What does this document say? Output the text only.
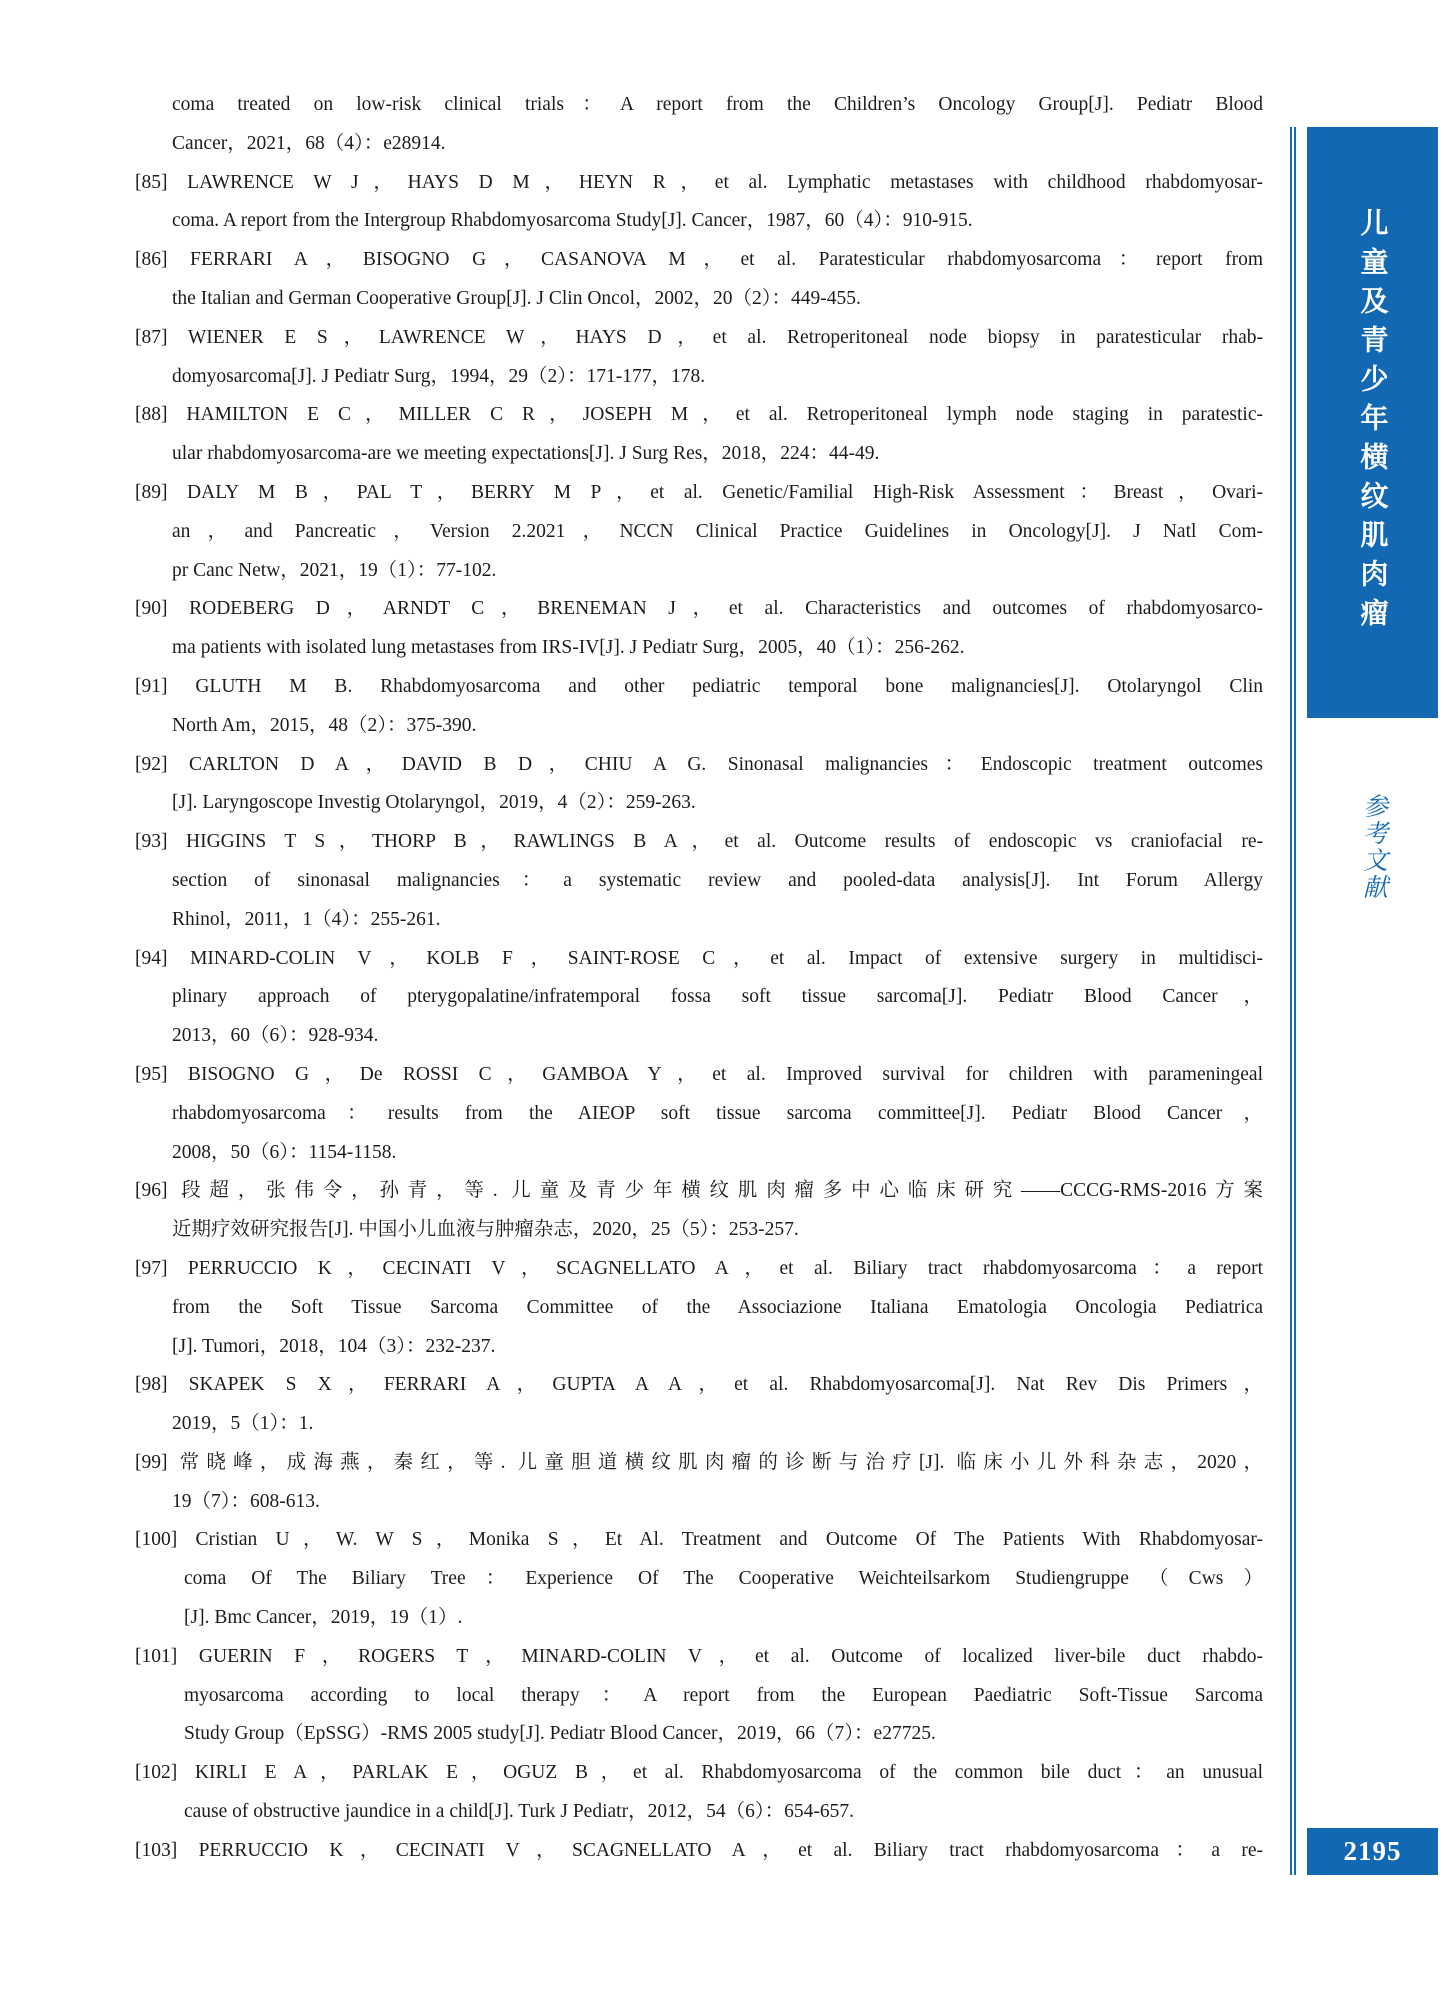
coma treated on low-risk clinical trials：A report from the Children’s Oncology Group[J]. Pediatr Blood
Cancer，2021，68（4）：e28914.
[85] LAWRENCE W J，HAYS D M，HEYN R，et al. Lymphatic metastases with childhood rhabdomyosar-
coma. A report from the Intergroup Rhabdomyosarcoma Study[J]. Cancer，1987，60（4）：910-915.
[86] FERRARI A，BISOGNO G，CASANOVA M，et al. Paratesticular rhabdomyosarcoma：report from
the Italian and German Cooperative Group[J]. J Clin Oncol，2002，20（2）：449-455.
[87] WIENER E S，LAWRENCE W，HAYS D，et al. Retroperitoneal node biopsy in paratesticular rhab-
domyosarcoma[J]. J Pediatr Surg，1994，29（2）：171-177，178.
[88] HAMILTON E C，MILLER C R，JOSEPH M，et al. Retroperitoneal lymph node staging in paratestic-
ular rhabdomyosarcoma-are we meeting expectations[J]. J Surg Res，2018，224：44-49.
[89] DALY M B，PAL T，BERRY M P，et al. Genetic/Familial High-Risk Assessment：Breast，Ovari-
an，and Pancreatic，Version 2.2021，NCCN Clinical Practice Guidelines in Oncology[J]. J Natl Com-
pr Canc Netw，2021，19（1）：77-102.
[90] RODEBERG D，ARNDT C，BRENEMAN J，et al. Characteristics and outcomes of rhabdomyosarco-
ma patients with isolated lung metastases from IRS-IV[J]. J Pediatr Surg，2005，40（1）：256-262.
[91] GLUTH M B. Rhabdomyosarcoma and other pediatric temporal bone malignancies[J]. Otolaryngol Clin
North Am，2015，48（2）：375-390.
[92] CARLTON D A，DAVID B D，CHIU A G. Sinonasal malignancies：Endoscopic treatment outcomes
[J]. Laryngoscope Investig Otolaryngol，2019，4（2）：259-263.
[93] HIGGINS T S，THORP B，RAWLINGS B A，et al. Outcome results of endoscopic vs craniofacial re-
section of sinonasal malignancies：a systematic review and pooled-data analysis[J]. Int Forum Allergy
Rhinol，2011，1（4）：255-261.
[94] MINARD-COLIN V，KOLB F，SAINT-ROSE C，et al. Impact of extensive surgery in multidisci-
plinary approach of pterygopalatine/infratemporal fossa soft tissue sarcoma[J]. Pediatr Blood Cancer，
2013，60（6）：928-934.
[95] BISOGNO G，De ROSSI C，GAMBOA Y，et al. Improved survival for children with parameningeal
rhabdomyosarcoma：results from the AIEOP soft tissue sarcoma committee[J]. Pediatr Blood Cancer，
2008，50（6）：1154-1158.
[96] 段超，张伟令，孙青，等. 儿童及青少年横纹肌肉瘤多中心临床研究——CCCG-RMS-2016方案
近期疗效研究报告[J]. 中国小儿血液与肿瘤杂志，2020，25（5）：253-257.
[97] PERRUCCIO K，CECINATI V，SCAGNELLATO A，et al. Biliary tract rhabdomyosarcoma：a report
from the Soft Tissue Sarcoma Committee of the Associazione Italiana Ematologia Oncologia Pediatrica
[J]. Tumori，2018，104（3）：232-237.
[98] SKAPEK S X，FERRARI A，GUPTA A A，et al. Rhabdomyosarcoma[J]. Nat Rev Dis Primers，
2019，5（1）：1.
[99] 常晓峰，成海燕，秦红，等. 儿童胆道横纹肌肉瘤的诊断与治疗[J]. 临床小儿外科杂志，2020，
19（7）：608-613.
[100] Cristian U，W. W S，Monika S，Et Al. Treatment and Outcome Of The Patients With Rhabdomyosar-
coma Of The Biliary Tree：Experience Of The Cooperative Weichteilsarkom Studiengruppe（Cws）
[J]. Bmc Cancer，2019，19（1）.
[101] GUERIN F，ROGERS T，MINARD-COLIN V，et al. Outcome of localized liver-bile duct rhabdo-
myosarcoma according to local therapy：A report from the European Paediatric Soft-Tissue Sarcoma
Study Group（EpSSG）-RMS 2005 study[J]. Pediatr Blood Cancer，2019，66（7）：e27725.
[102] KIRLI E A，PARLAK E，OGUZ B，et al. Rhabdomyosarcoma of the common bile duct：an unusual
cause of obstructive jaundice in a child[J]. Turk J Pediatr，2012，54（6）：654-657.
[103] PERRUCCIO K，CECINATI V，SCAGNELLATO A，et al. Biliary tract rhabdomyosarcoma：a re-
儿童及青少年横纹肌肉瘤
参考文献
2195
